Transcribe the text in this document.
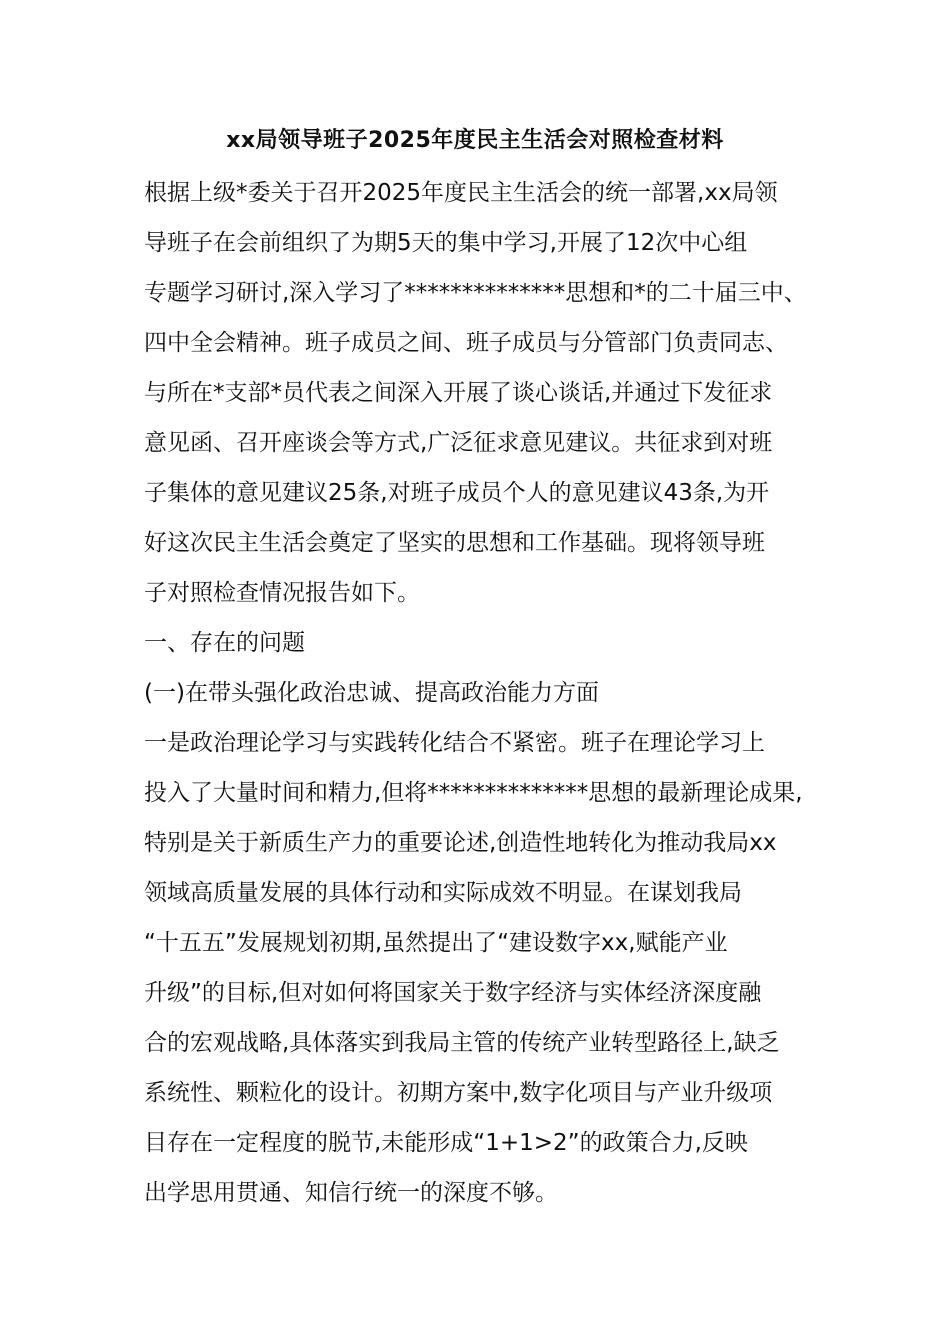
xx局领导班子2025年度民主生活会对照检查材料

根据上级*委关于召开2025年度民主生活会的统一部署,xx局领

导班子在会前组织了为期5天的集中学习,开展了12次中心组

专题学习研讨,深入学习了**************思想和*的二十届三中、

四中全会精神。班子成员之间、班子成员与分管部门负责同志、

与所在*支部*员代表之间深入开展了谈心谈话,并通过下发征求

意见函、召开座谈会等方式,广泛征求意见建议。共征求到对班

子集体的意见建议25条,对班子成员个人的意见建议43条,为开

好这次民主生活会奠定了坚实的思想和工作基础。现将领导班

子对照检查情况报告如下。

一、存在的问题

(一)在带头强化政治忠诚、提高政治能力方面

一是政治理论学习与实践转化结合不紧密。班子在理论学习上

投入了大量时间和精力,但将**************思想的最新理论成果,

特别是关于新质生产力的重要论述,创造性地转化为推动我局xx

领域高质量发展的具体行动和实际成效不明显。在谋划我局

“十五五”发展规划初期,虽然提出了“建设数字xx,赋能产业

升级”的目标,但对如何将国家关于数字经济与实体经济深度融

合的宏观战略,具体落实到我局主管的传统产业转型路径上,缺乏

系统性、颗粒化的设计。初期方案中,数字化项目与产业升级项

目存在一定程度的脱节,未能形成“1+1>2”的政策合力,反映

出学思用贯通、知信行统一的深度不够。
